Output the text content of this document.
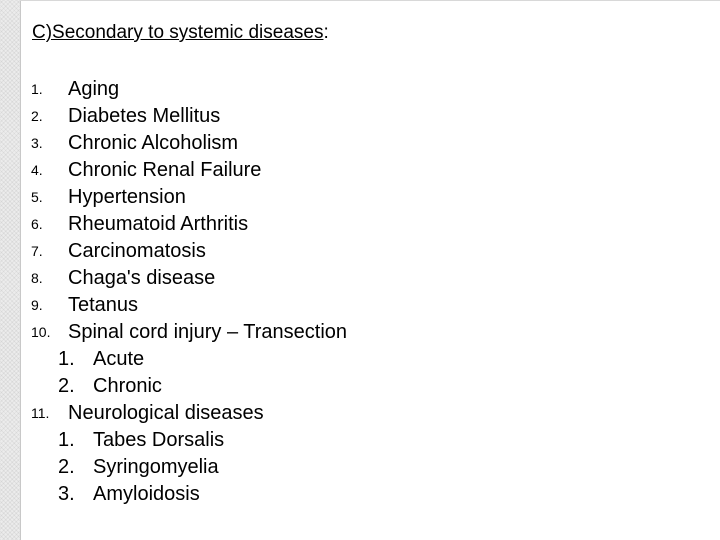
C)Secondary to systemic diseases:
1.	Aging
2.	Diabetes Mellitus
3.	Chronic Alcoholism
4.	Chronic Renal Failure
5.	Hypertension
6.	Rheumatoid Arthritis
7.	Carcinomatosis
8.	Chaga's disease
9.	Tetanus
10. Spinal cord injury – Transection
1. Acute
2. Chronic
11. Neurological diseases
1. Tabes Dorsalis
2. Syringomyelia
3. Amyloidosis
